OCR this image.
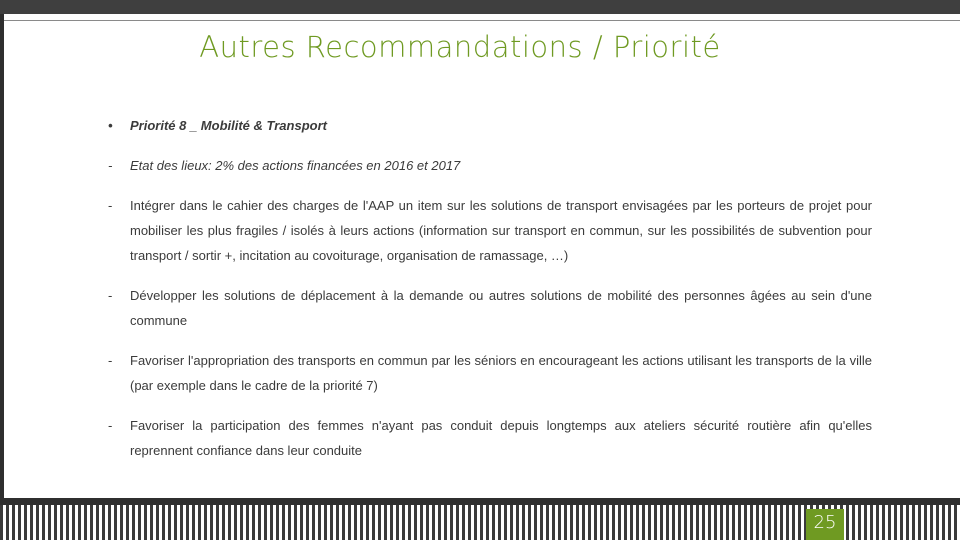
Autres Recommandations / Priorité
•	Priorité 8 _ Mobilité & Transport
-	Etat des lieux: 2% des actions financées en 2016 et 2017
-	Intégrer dans le cahier des charges de l'AAP un item sur les solutions de transport envisagées par les porteurs de projet pour mobiliser les plus fragiles / isolés à leurs actions (information sur transport en commun, sur les possibilités de subvention pour transport / sortir +, incitation au covoiturage, organisation de ramassage, …)
-	Développer les solutions de déplacement à la demande ou autres solutions de mobilité des personnes âgées au sein d'une commune
-	Favoriser l'appropriation des transports en commun par les séniors en encourageant les actions utilisant les transports de la ville (par exemple dans le cadre de la priorité 7)
-	Favoriser la participation des femmes n'ayant pas conduit depuis longtemps aux ateliers sécurité routière afin qu'elles reprennent confiance dans leur conduite
25
